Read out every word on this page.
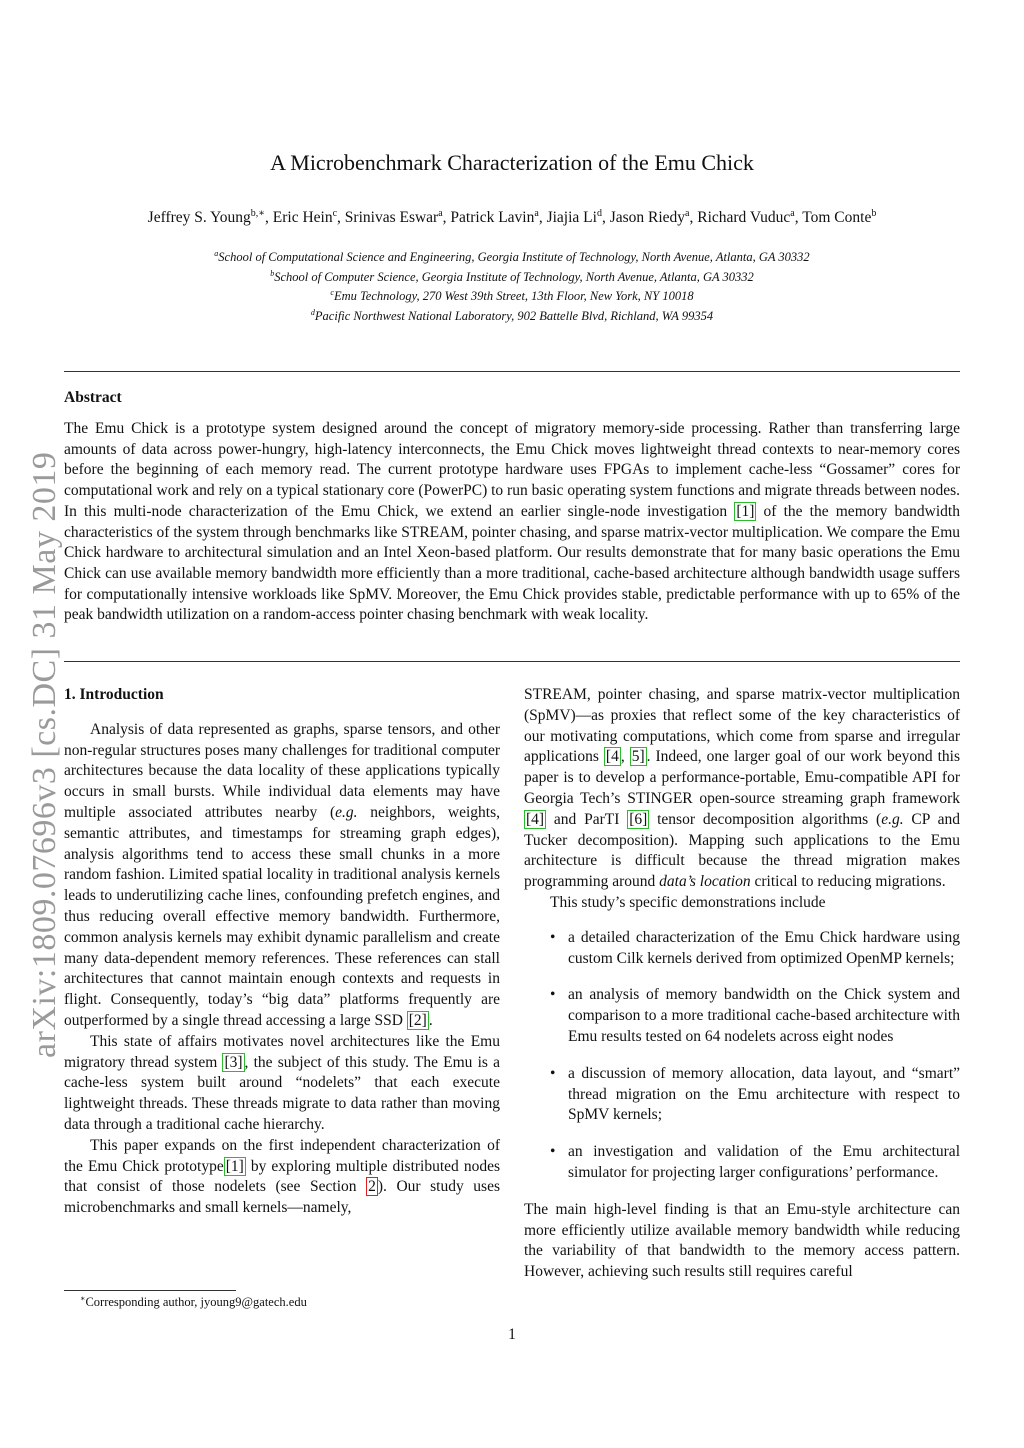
arXiv:1809.07696v3 [cs.DC] 31 May 2019
A Microbenchmark Characterization of the Emu Chick
Jeffrey S. Young$^{b,∗}$, Eric Hein$^c$, Srinivas Eswar$^a$, Patrick Lavin$^a$, Jiajia Li$^d$, Jason Riedy$^a$, Richard Vuduc$^a$, Tom Conte$^b$
$^a$School of Computational Science and Engineering, Georgia Institute of Technology, North Avenue, Atlanta, GA 30332
$^b$School of Computer Science, Georgia Institute of Technology, North Avenue, Atlanta, GA 30332
$^c$Emu Technology, 270 West 39th Street, 13th Floor, New York, NY 10018
$^d$Pacific Northwest National Laboratory, 902 Battelle Blvd, Richland, WA 99354
Abstract
The Emu Chick is a prototype system designed around the concept of migratory memory-side processing. Rather than transferring large amounts of data across power-hungry, high-latency interconnects, the Emu Chick moves lightweight thread contexts to near-memory cores before the beginning of each memory read. The current prototype hardware uses FPGAs to implement cache-less “Gossamer” cores for computational work and rely on a typical stationary core (PowerPC) to run basic operating system functions and migrate threads between nodes. In this multi-node characterization of the Emu Chick, we extend an earlier single-node investigation [1] of the the memory bandwidth characteristics of the system through benchmarks like STREAM, pointer chasing, and sparse matrix-vector multiplication. We compare the Emu Chick hardware to architectural simulation and an Intel Xeon-based platform. Our results demonstrate that for many basic operations the Emu Chick can use available memory bandwidth more efficiently than a more traditional, cache-based architecture although bandwidth usage suffers for computationally intensive workloads like SpMV. Moreover, the Emu Chick provides stable, predictable performance with up to 65% of the peak bandwidth utilization on a random-access pointer chasing benchmark with weak locality.
1. Introduction

Analysis of data represented as graphs, sparse tensors, and other non-regular structures poses many challenges for traditional computer architectures because the data locality of these applications typically occurs in small bursts. While individual data elements may have multiple associated attributes nearby (e.g. neighbors, weights, semantic attributes, and timestamps for streaming graph edges), analysis algorithms tend to access these small chunks in a more random fashion. Limited spatial locality in traditional analysis kernels leads to underutilizing cache lines, confounding prefetch engines, and thus reducing overall effective memory bandwidth. Furthermore, common analysis kernels may exhibit dynamic parallelism and create many data-dependent memory references. These references can stall architectures that cannot maintain enough contexts and requests in flight. Consequently, today’s “big data” platforms frequently are outperformed by a single thread accessing a large SSD [2] .

This state of affairs motivates novel architectures like the Emu migratory thread system [3] , the subject of this study. The Emu is a cache-less system built around “nodelets” that each execute lightweight threads. These threads migrate to data rather than moving data through a traditional cache hierarchy.

This paper expands on the first independent characterization of the Emu Chick prototype [1] by exploring multiple distributed nodes that consist of those nodelets (see Section 2 ). Our study uses microbenchmarks and small kernels—namely,

STREAM, pointer chasing, and sparse matrix-vector multiplication (SpMV)—as proxies that reflect some of the key characteristics of our motivating computations, which come from sparse and irregular applications [4 , 5] . Indeed, one larger goal of our work beyond this paper is to develop a performance-portable, Emu-compatible API for Georgia Tech’s STINGER open-source streaming graph framework [4] and ParTI [6] tensor decomposition algorithms (e.g. CP and Tucker decomposition). Mapping such applications to the Emu architecture is difficult because the thread migration makes programming around data’s location critical to reducing migrations.

This study’s specific demonstrations include

• a detailed characterization of the Emu Chick hardware using custom Cilk kernels derived from optimized OpenMP kernels;
• an analysis of memory bandwidth on the Chick system and comparison to a more traditional cache-based architecture with Emu results tested on 64 nodelets across eight nodes
• a discussion of memory allocation, data layout, and “smart” thread migration on the Emu architecture with respect to SpMV kernels;
• an investigation and validation of the Emu architectural simulator for projecting larger configurations’ performance.

The main high-level finding is that an Emu-style architecture can more efficiently utilize available memory bandwidth while reducing the variability of that bandwidth to the memory access pattern. However, achieving such results still requires careful

∗Corresponding author, jyoung9@gatech.edu
1
